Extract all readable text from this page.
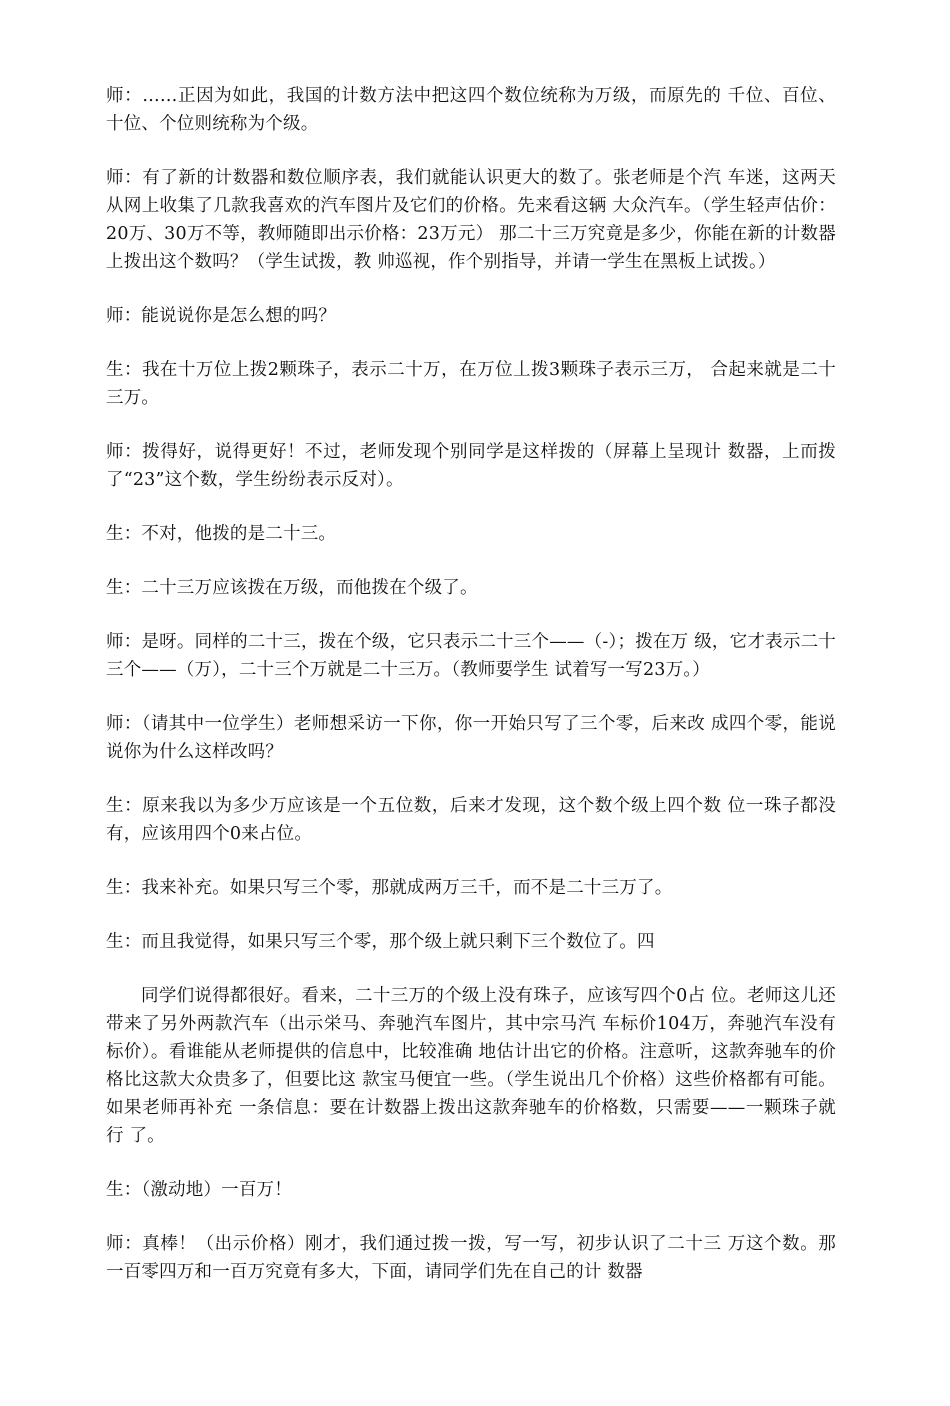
师：……正因为如此，我国的计数方法中把这四个数位统称为万级，而原先的 千位、百位、十位、个位则统称为个级。

师：有了新的计数器和数位顺序表，我们就能认识更大的数了。张老师是个汽 车迷，这两天从网上收集了几款我喜欢的汽车图片及它们的价格。先来看这辆 大众汽车。（学生轻声估价：20万、30万不等，教师随即出示价格：23万元） 那二十三万究竟是多少，你能在新的计数器上拨出这个数吗？（学生试拨，教 帅巡视，作个别指导，并请一学生在黑板上试拨。）

师：能说说你是怎么想的吗？

生：我在十万位上拨2颗珠子，表示二十万，在万位丄拨3颗珠子表示三万， 合起来就是二十三万。

师：拨得好，说得更好！不过，老师发现个别同学是这样拨的（屏幕上呈现计 数器，上而拨了“23”这个数，学生纷纷表示反对）。

生：不对，他拨的是二十三。

生：二十三万应该拨在万级，而他拨在个级了。

师：是呀。同样的二十三，拨在个级，它只表示二十三个——（-）；拨在万 级，它才表示二十三个——（万），二十三个万就是二十三万。（教师要学生 试着写一写23万。）

师：（请其中一位学生）老师想采访一下你，你一开始只写了三个零，后来改 成四个零，能说说你为什么这样改吗？

生：原来我以为多少万应该是一个五位数，后来才发现，这个数个级上四个数 位一珠子都没有，应该用四个0来占位。

生：我来补充。如果只写三个零，那就成两万三千，而不是二十三万了。

生：而且我觉得，如果只写三个零，那个级上就只剩下三个数位了。四

同学们说得都很好。看来，二十三万的个级上没有珠子，应该写四个0占 位。老师这儿还带来了另外两款汽车（出示栄马、奔驰汽车图片，其中宗马汽 车标价104万，奔驰汽车没有标价）。看谁能从老师提供的信息中，比较准确 地估计出它的价格。注意听，这款奔驰车的价格比这款大众贵多了，但要比这 款宝马便宜一些。（学生说出几个价格）这些价格都有可能。如果老师再补充 一条信息：要在计数器上拨出这款奔驰车的价格数，只需要——一颗珠子就行 了。

生：（激动地）一百万！

师：真棒！（出示价格）刚才，我们通过拨一拨，写一写，初步认识了二十三 万这个数。那一百零四万和一百万究竟有多大，下面，请同学们先在自己的计 数器
